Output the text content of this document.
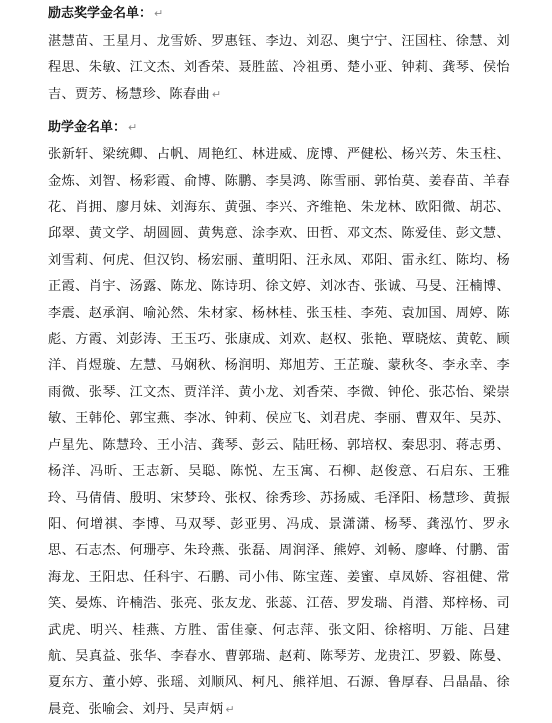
励志奖学金名单： ↵
湛慧苗、王星月、龙雪娇、罗惠钰、李边、刘忍、奥宁宁、汪国柱、徐慧、刘程思、朱敏、江文杰、刘香荣、聂胜蓝、冷祖勇、楚小亚、钟莉、龚琴、侯怡吉、贾芳、杨慧珍、陈春曲 ↵
助学金名单： ↵
张新轩、梁统卿、占帆、周艳红、林进威、庞博、严健松、杨兴芳、朱玉柱、金炼、刘智、杨彩霞、俞博、陈鹏、李昊鸿、陈雪丽、郭怡莫、姜春苗、羊春花、肖拥、廖月妹、刘海东、黄强、李兴、齐维艳、朱龙林、欧阳微、胡芯、邱翠、黄文学、胡圆圆、黄隽意、涂李欢、田哲、邓文杰、陈爱佳、彭文慧、刘雪莉、何虎、但汉钧、杨宏丽、董明阳、汪永凤、邓阳、雷永红、陈均、杨正霞、肖宇、汤露、陈龙、陈诗玥、徐文婷、刘冰杏、张诚、马旻、汪楠博、李震、赵承润、喻沁然、朱材家、杨林桂、张玉桂、李苑、袁加国、周婷、陈彪、方霞、刘彭涛、王玉巧、张康成、刘欢、赵权、张艳、覃晓炫、黄乾、顾洋、肖煜璇、左慧、马娴秋、杨润明、郑旭芳、王芷璇、蒙秋冬、李永幸、李雨微、张琴、江文杰、贾洋洋、黄小龙、刘香荣、李微、钟伦、张芯怡、梁崇敏、王韩伦、郭宝燕、李冰、钟莉、侯应飞、刘君虎、李丽、曹双年、吴苏、卢星先、陈慧玲、王小洁、龚琴、彭云、陆旺杨、郭培权、秦思羽、蒋志勇、杨洋、冯昕、王志新、吴聪、陈悦、左玉寓、石柳、赵俊意、石启东、王雅玲、马倩倩、殷明、宋梦玲、张权、徐秀珍、苏扬威、毛泽阳、杨慧珍、黄振阳、何增祺、李博、马双琴、彭亚男、冯成、景潇潇、杨琴、龚泓竹、罗永思、石志杰、何珊亭、朱玲燕、张磊、周润泽、熊婷、刘畅、廖峰、付鹏、雷海龙、王阳忠、任科宇、石鹏、司小伟、陈宝莲、姜蜜、卓凤娇、容祖健、常笑、晏炼、许楠浩、张亮、张友龙、张蕊、江蓓、罗发瑞、肖潜、郑梓杨、司武虎、明兴、桂燕、方胜、雷佳豪、何志萍、张文阳、徐榕明、万能、吕建航、吴真益、张华、李春水、曹郭瑞、赵莉、陈琴芳、龙贵江、罗毅、陈曼、夏东方、董小婷、张瑶、刘顺风、柯凡、熊祥旭、石源、鲁厚春、吕晶晶、徐晨竞、张喻会、刘丹、吴声炳 ↵
